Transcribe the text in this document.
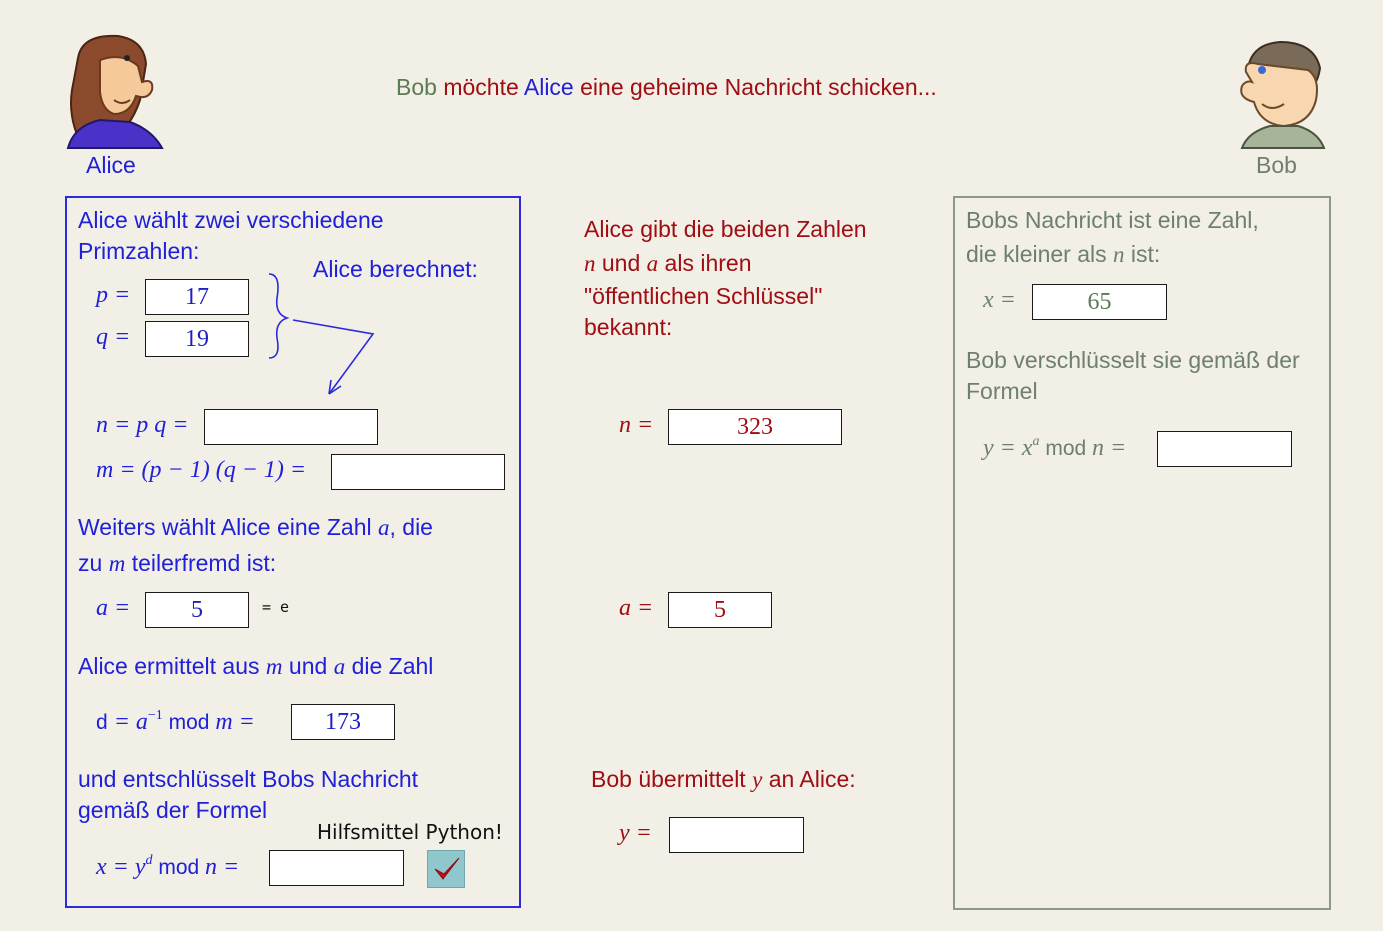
Bob möchte Alice eine geheime Nachricht schicken...
Alice	Bob
Alice wählt zwei verschiedene Primzahlen:
Alice berechnet:
p =
17
q =
19
n = p q =
m = (p − 1) (q − 1) =
Weiters wählt Alice eine Zahl a, die
zu m teilerfremd ist:
a =
5	= e
Alice ermittelt aus m und a die Zahl
$d = a^{-1}$ mod m =
173
und entschlüsselt Bobs Nachricht gemäß der Formel
Hilfsmittel Python!
$x = y^d$ mod n =
Alice gibt die beiden Zahlen
n und a als ihren
"öffentlichen Schlüssel"
bekannt:
n =
323
a =
5
Bob übermittelt y an Alice:
y =
Bobs Nachricht ist eine Zahl,
die kleiner als n ist:
x =
65
Bob verschlüsselt sie gemäß der Formel
$y = x^a$ mod n =
